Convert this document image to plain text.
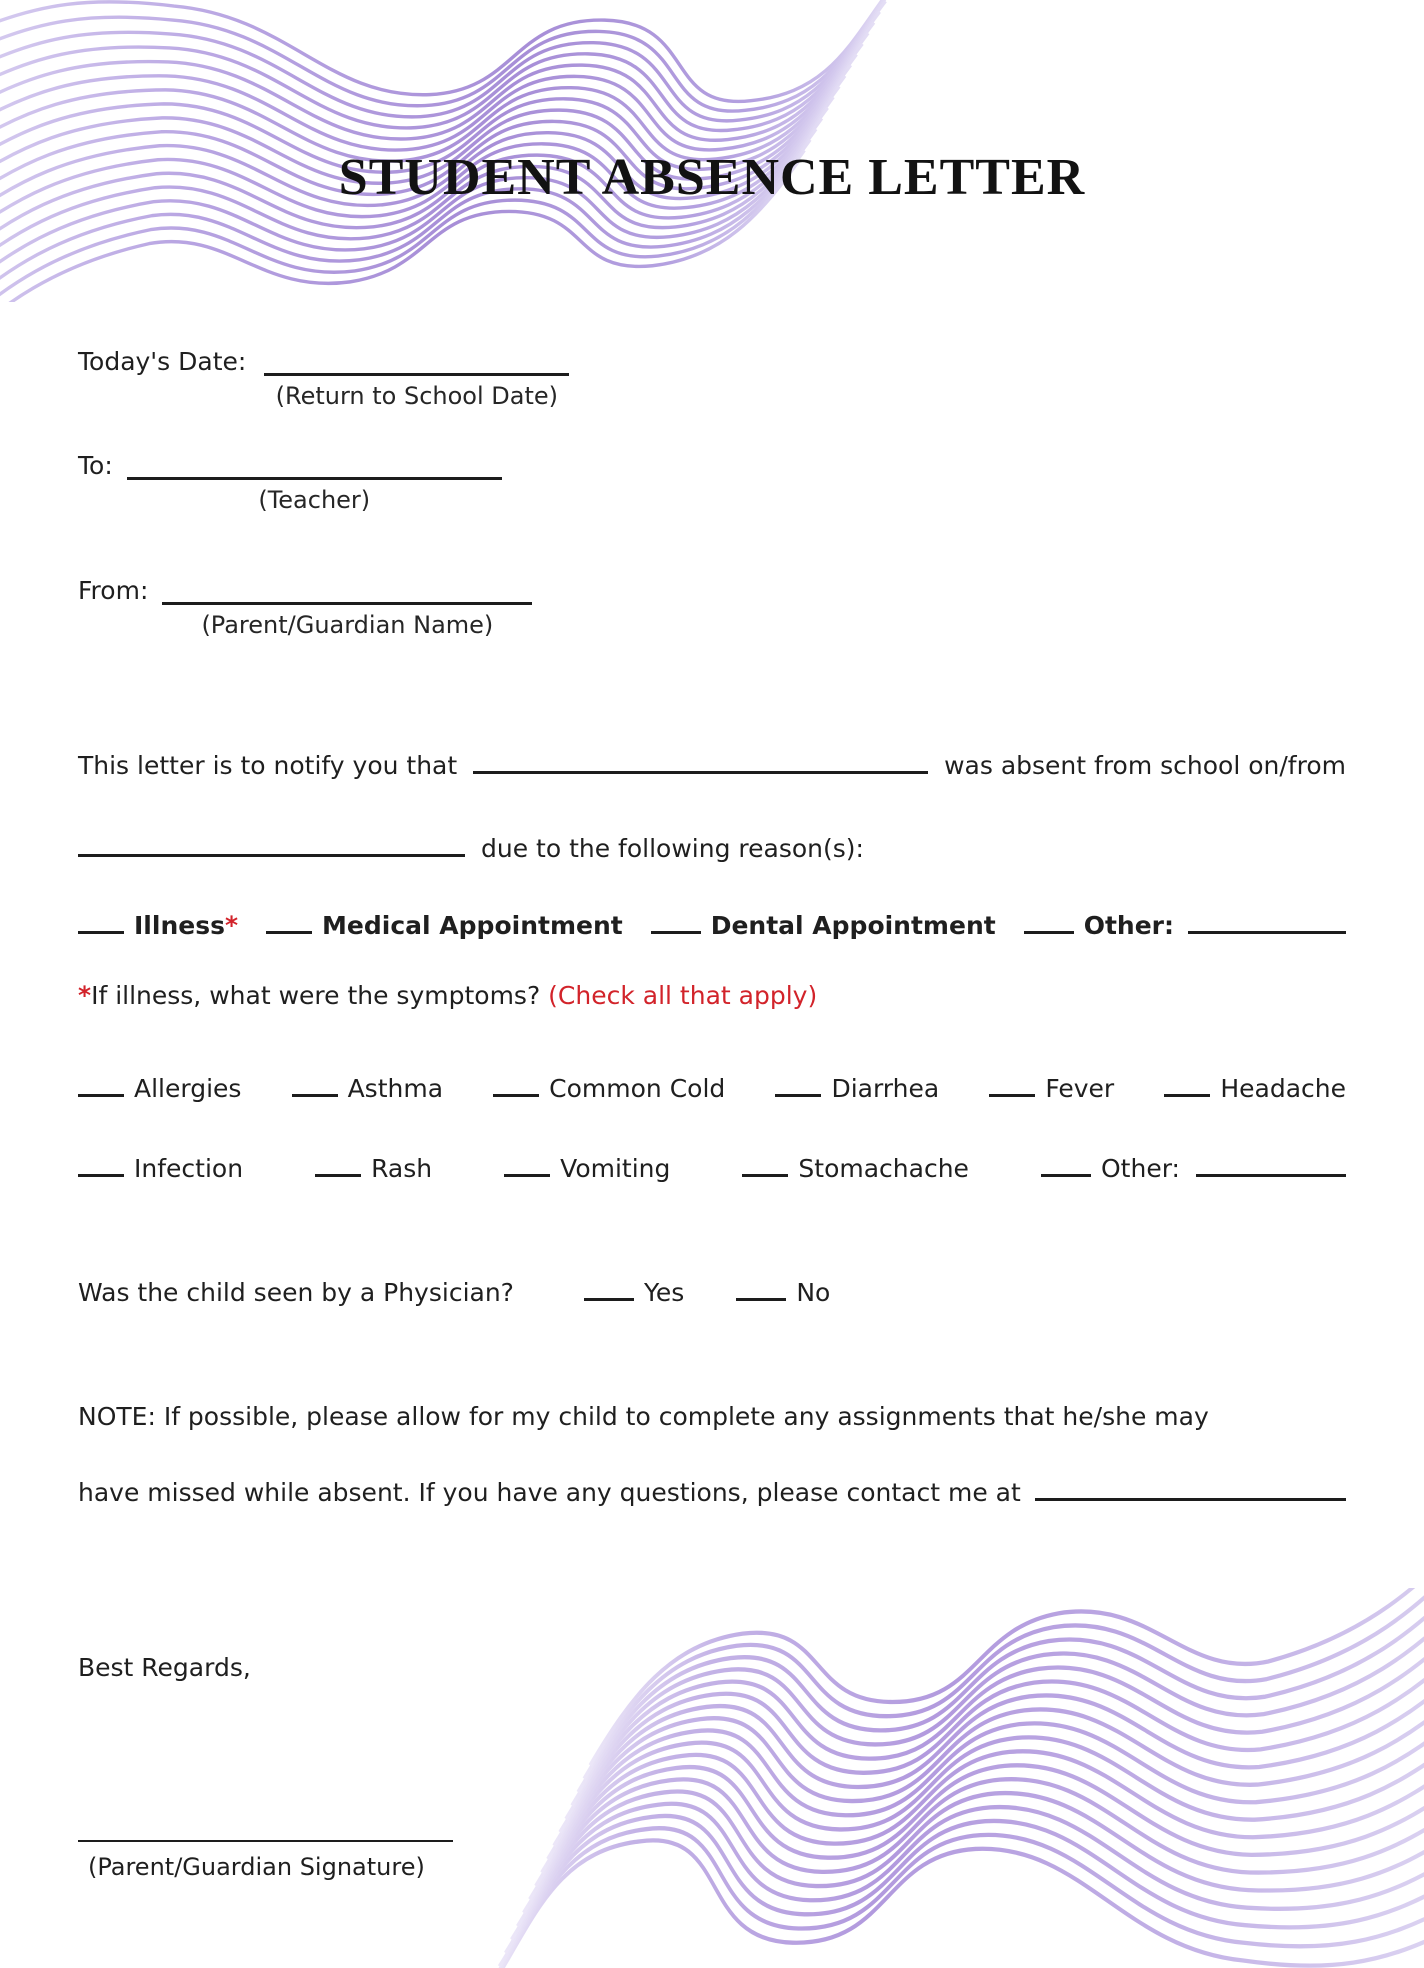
STUDENT ABSENCE LETTER
Today's Date:
(Return to School Date)
To:
(Teacher)
From:
(Parent/Guardian Name)
This letter is to notify you that	was absent from school on/from
due to the following reason(s):
Illness *	Medical Appointment	Dental Appointment	Other:
*If illness, what were the symptoms? (Check all that apply)
Allergies	Asthma	Common Cold	Diarrhea	Fever	Headache
Infection	Rash	Vomiting	Stomachache	Other:
Was the child seen by a Physician?	Yes	No
NOTE: If possible, please allow for my child to complete any assignments that he/she may
have missed while absent. If you have any questions, please contact me at
Best Regards,
(Parent/Guardian Signature)
